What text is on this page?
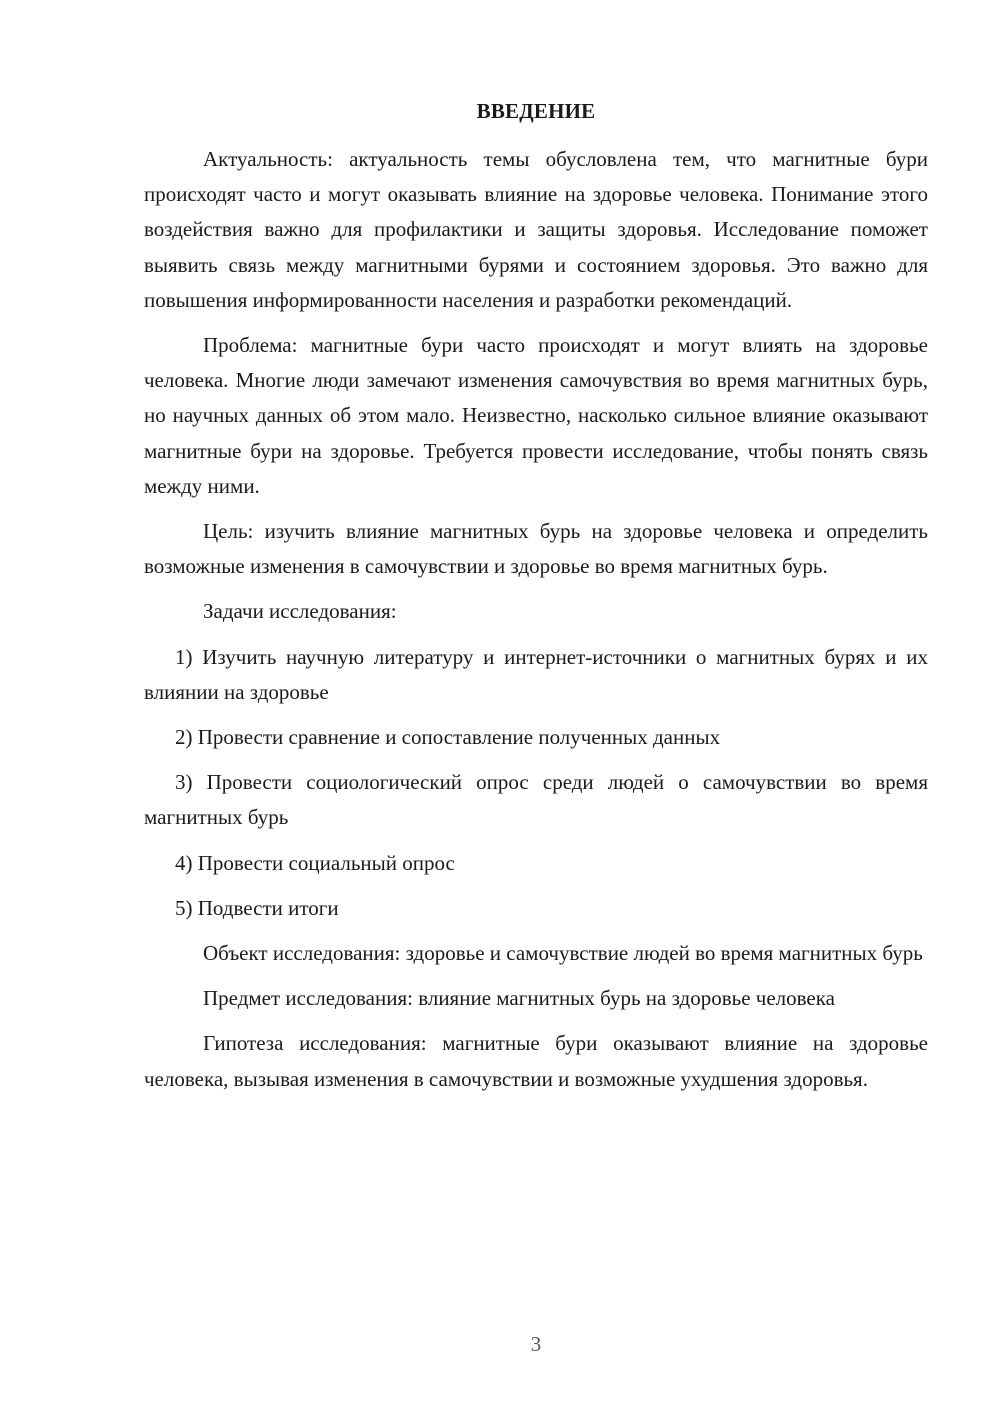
ВВЕДЕНИЕ

Актуальность: актуальность темы обусловлена тем, что магнитные бури происходят часто и могут оказывать влияние на здоровье человека. Понимание этого воздействия важно для профилактики и защиты здоровья. Исследование поможет выявить связь между магнитными бурями и состоянием здоровья. Это важно для повышения информированности населения и разработки рекомендаций.

Проблема: магнитные бури часто происходят и могут влиять на здоровье человека. Многие люди замечают изменения самочувствия во время магнитных бурь, но научных данных об этом мало. Неизвестно, насколько сильное влияние оказывают магнитные бури на здоровье. Требуется провести исследование, чтобы понять связь между ними.

Цель: изучить влияние магнитных бурь на здоровье человека и определить возможные изменения в самочувствии и здоровье во время магнитных бурь.

Задачи исследования:

1) Изучить научную литературу и интернет-источники о магнитных бурях и их влиянии на здоровье

2) Провести сравнение и сопоставление полученных данных

3) Провести социологический опрос среди людей о самочувствии во время магнитных бурь

4) Провести социальный опрос

5) Подвести итоги

Объект исследования: здоровье и самочувствие людей во время магнитных бурь

Предмет исследования: влияние магнитных бурь на здоровье человека

Гипотеза исследования: магнитные бури оказывают влияние на здоровье человека, вызывая изменения в самочувствии и возможные ухудшения здоровья.

3
